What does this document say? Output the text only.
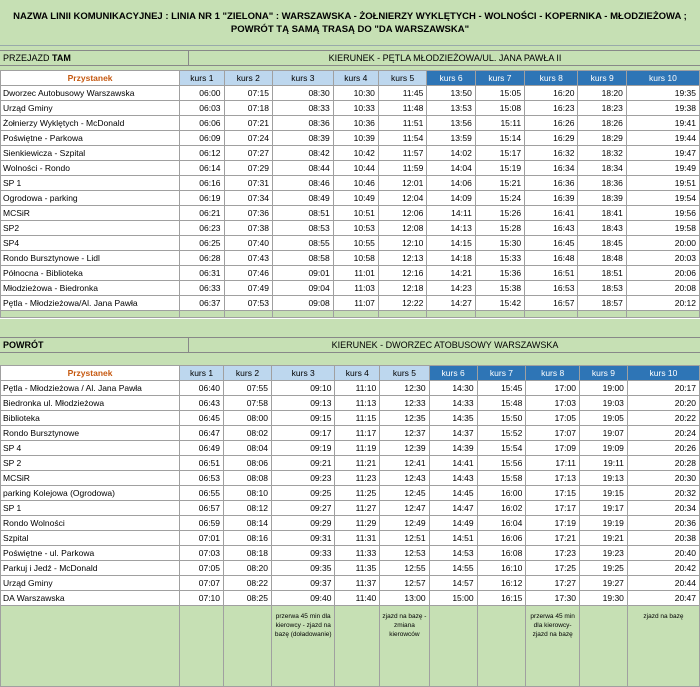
NAZWA LINII KOMUNIKACYJNEJ : LINIA NR 1 "ZIELONA" : WARSZAWSKA - ŻOŁNIERZY WYKLĘTYCH - WOLNOŚCI - KOPERNIKA - MŁODZIEŻOWA ;
POWRÓT TĄ SAMĄ TRASĄ DO "DA WARSZAWSKA"
PRZEJAZD TAM	KIERUNEK - PĘTLA MŁODZIEŻOWA/UL. JANA PAWŁA II
Przystanek	kurs 1	kurs 2	kurs 3	kurs 4	kurs 5	kurs 6	kurs 7	kurs 8	kurs 9	kurs 10
Dworzec Autobusowy Warszawska	06:00	07:15	08:30	10:30	11:45	13:50	15:05	16:20	18:20	19:35
Urząd Gminy	06:03	07:18	08:33	10:33	11:48	13:53	15:08	16:23	18:23	19:38
Żołnierzy Wyklętych - McDonald	06:06	07:21	08:36	10:36	11:51	13:56	15:11	16:26	18:26	19:41
Poświętne - Parkowa	06:09	07:24	08:39	10:39	11:54	13:59	15:14	16:29	18:29	19:44
Sienkiewicza - Szpital	06:12	07:27	08:42	10:42	11:57	14:02	15:17	16:32	18:32	19:47
Wolności - Rondo	06:14	07:29	08:44	10:44	11:59	14:04	15:19	16:34	18:34	19:49
SP 1	06:16	07:31	08:46	10:46	12:01	14:06	15:21	16:36	18:36	19:51
Ogrodowa - parking	06:19	07:34	08:49	10:49	12:04	14:09	15:24	16:39	18:39	19:54
MCSiR	06:21	07:36	08:51	10:51	12:06	14:11	15:26	16:41	18:41	19:56
SP2	06:23	07:38	08:53	10:53	12:08	14:13	15:28	16:43	18:43	19:58
SP4	06:25	07:40	08:55	10:55	12:10	14:15	15:30	16:45	18:45	20:00
Rondo Bursztynowe - Lidl	06:28	07:43	08:58	10:58	12:13	14:18	15:33	16:48	18:48	20:03
Północna - Biblioteka	06:31	07:46	09:01	11:01	12:16	14:21	15:36	16:51	18:51	20:06
Młodzieżowa - Biedronka	06:33	07:49	09:04	11:03	12:18	14:23	15:38	16:53	18:53	20:08
Pętla - Młodzieżowa/Al. Jana Pawła	06:37	07:53	09:08	11:07	12:22	14:27	15:42	16:57	18:57	20:12

POWRÓT	KIERUNEK - DWORZEC ATOBUSOWY WARSZAWSKA
Przystanek	kurs 1	kurs 2	kurs 3	kurs 4	kurs 5	kurs 6	kurs 7	kurs 8	kurs 9	kurs 10
Pętla - Młodzieżowa / Al. Jana Pawła	06:40	07:55	09:10	11:10	12:30	14:30	15:45	17:00	19:00	20:17
Biedronka ul. Młodzieżowa	06:43	07:58	09:13	11:13	12:33	14:33	15:48	17:03	19:03	20:20
Biblioteka	06:45	08:00	09:15	11:15	12:35	14:35	15:50	17:05	19:05	20:22
Rondo Bursztynowe	06:47	08:02	09:17	11:17	12:37	14:37	15:52	17:07	19:07	20:24
SP 4	06:49	08:04	09:19	11:19	12:39	14:39	15:54	17:09	19:09	20:26
SP 2	06:51	08:06	09:21	11:21	12:41	14:41	15:56	17:11	19:11	20:28
MCSiR	06:53	08:08	09:23	11:23	12:43	14:43	15:58	17:13	19:13	20:30
parking Kolejowa (Ogrodowa)	06:55	08:10	09:25	11:25	12:45	14:45	16:00	17:15	19:15	20:32
SP 1	06:57	08:12	09:27	11:27	12:47	14:47	16:02	17:17	19:17	20:34
Rondo Wolności	06:59	08:14	09:29	11:29	12:49	14:49	16:04	17:19	19:19	20:36
Szpital	07:01	08:16	09:31	11:31	12:51	14:51	16:06	17:21	19:21	20:38
Poświętne - ul. Parkowa	07:03	08:18	09:33	11:33	12:53	14:53	16:08	17:23	19:23	20:40
Parkuj i Jedź - McDonald	07:05	08:20	09:35	11:35	12:55	14:55	16:10	17:25	19:25	20:42
Urząd Gminy	07:07	08:22	09:37	11:37	12:57	14:57	16:12	17:27	19:27	20:44
DA Warszawska	07:10	08:25	09:40	11:40	13:00	15:00	16:15	17:30	19:30	20:47
			przerwa 45 min dla kierowcy - zjazd na bazę (doładowanie)		zjazd na bazę - zmiana kierowców			przerwa 45 min dla kierowcy-zjazd na bazę		zjazd na bazę
